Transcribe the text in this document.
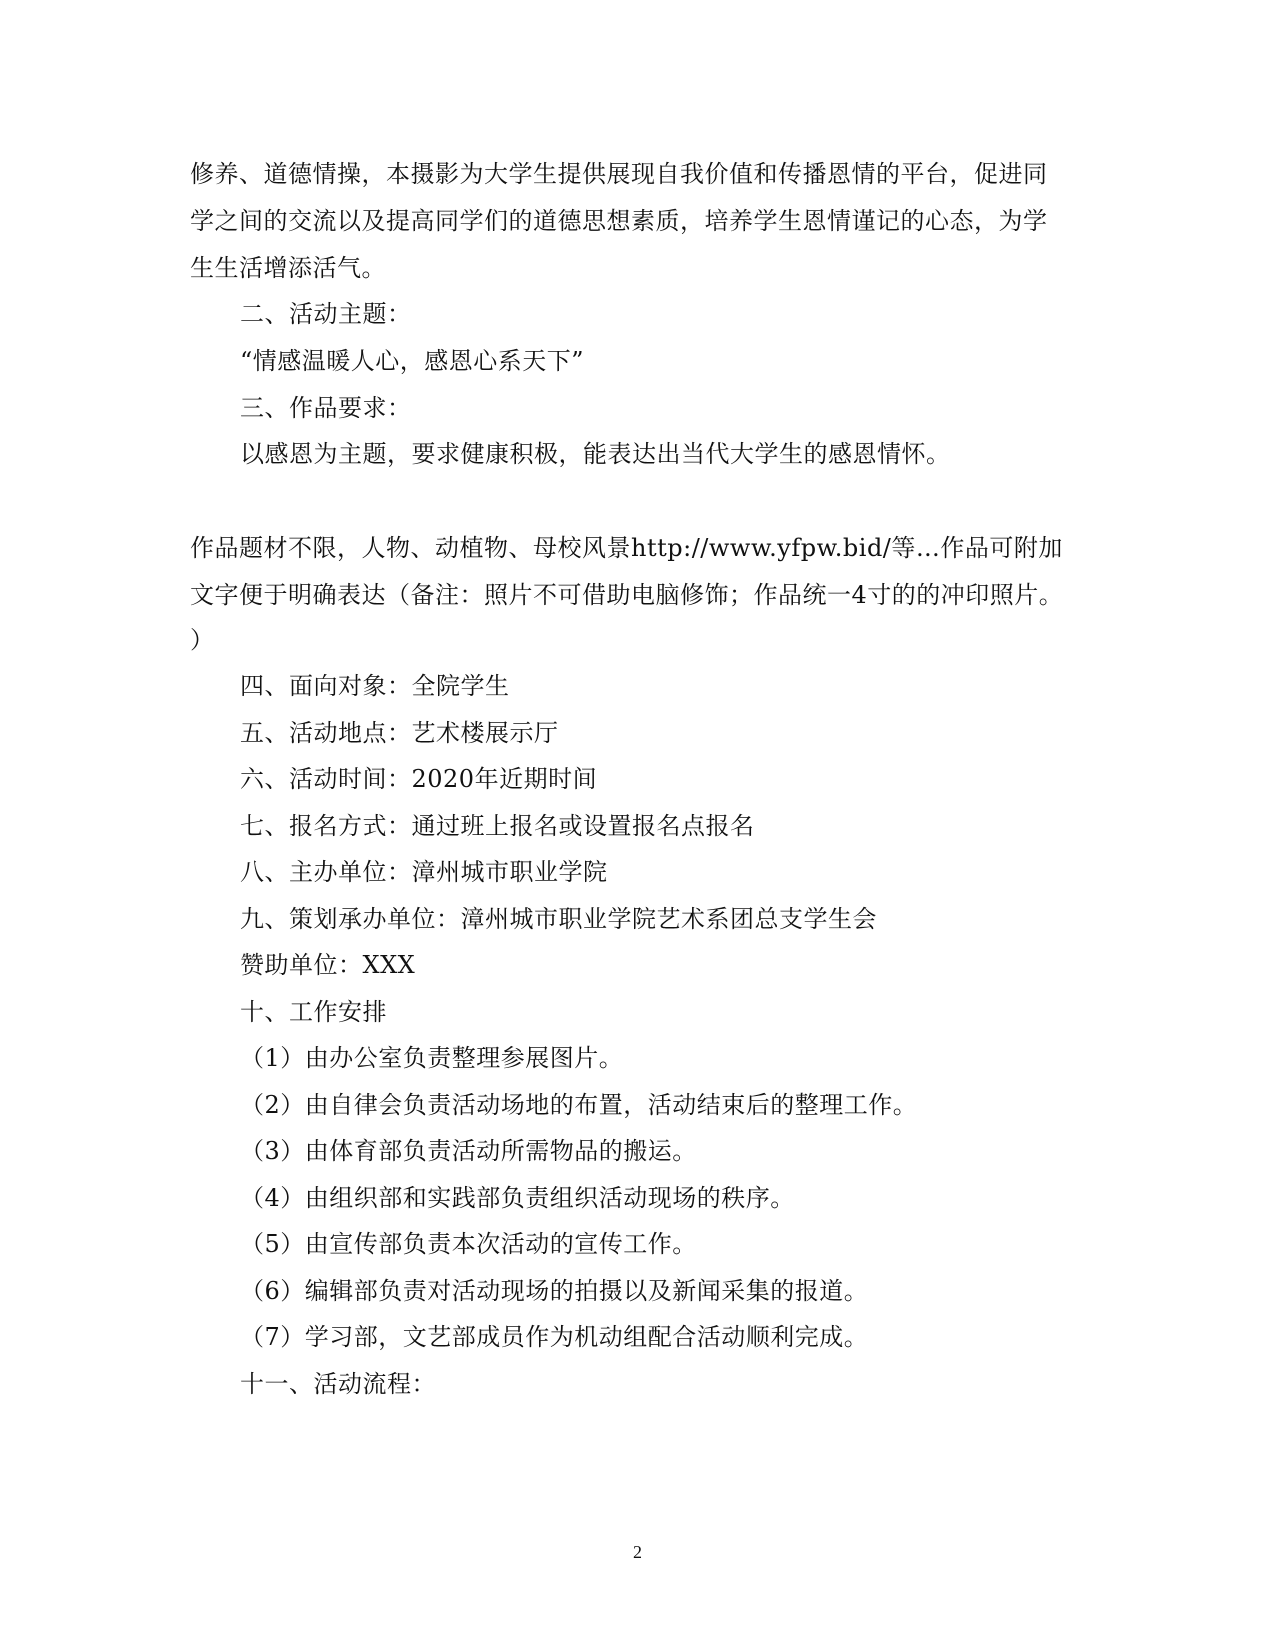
修养、道德情操，本摄影为大学生提供展现自我价值和传播恩情的平台，促进同
学之间的交流以及提高同学们的道德思想素质，培养学生恩情谨记的心态，为学
生生活增添活气。
二、活动主题：
“情感温暖人心，感恩心系天下”
三、作品要求：
以感恩为主题，要求健康积极，能表达出当代大学生的感恩情怀。
作品题材不限，人物、动植物、母校风景http://www.yfpw.bid/等…作品可附加
文字便于明确表达（备注：照片不可借助电脑修饰；作品统一4寸的的冲印照片。
）
四、面向对象：全院学生
五、活动地点：艺术楼展示厅
六、活动时间：2020年近期时间
七、报名方式：通过班上报名或设置报名点报名
八、主办单位：漳州城市职业学院
九、策划承办单位：漳州城市职业学院艺术系团总支学生会
赞助单位：XXX
十、工作安排
（1）由办公室负责整理参展图片。
（2）由自律会负责活动场地的布置，活动结束后的整理工作。
（3）由体育部负责活动所需物品的搬运。
（4）由组织部和实践部负责组织活动现场的秩序。
（5）由宣传部负责本次活动的宣传工作。
（6）编辑部负责对活动现场的拍摄以及新闻采集的报道。
（7）学习部，文艺部成员作为机动组配合活动顺利完成。
十一、活动流程：
2
